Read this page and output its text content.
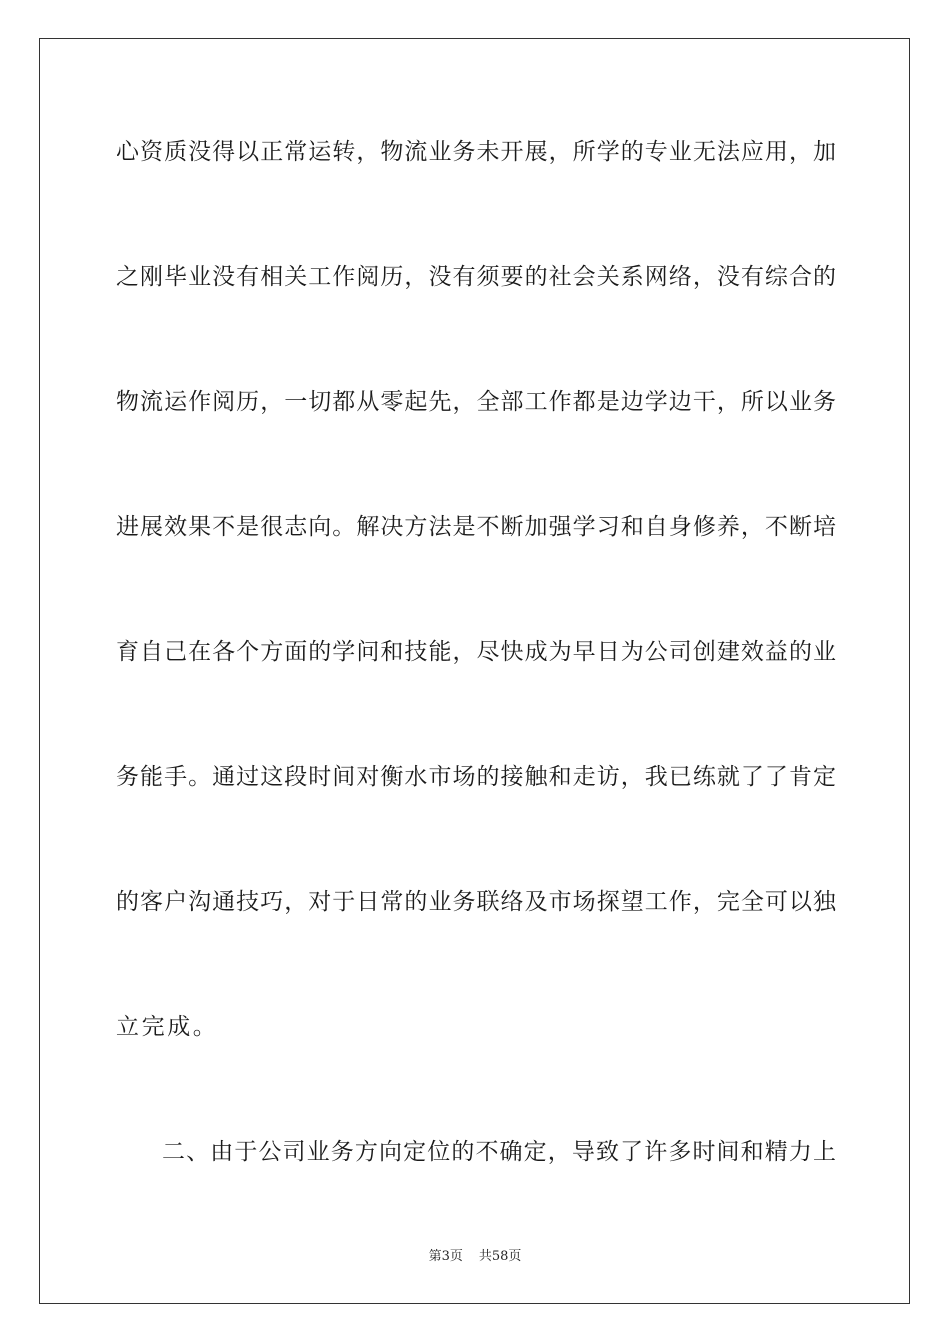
心资质没得以正常运转，物流业务未开展，所学的专业无法应用，加
之刚毕业没有相关工作阅历，没有须要的社会关系网络，没有综合的
物流运作阅历，一切都从零起先，全部工作都是边学边干，所以业务
进展效果不是很志向。解决方法是不断加强学习和自身修养，不断培
育自己在各个方面的学问和技能，尽快成为早日为公司创建效益的业
务能手。通过这段时间对衡水市场的接触和走访，我已练就了了肯定
的客户沟通技巧，对于日常的业务联络及市场探望工作，完全可以独
立完成。
二、由于公司业务方向定位的不确定，导致了许多时间和精力上
第3页 共58页
